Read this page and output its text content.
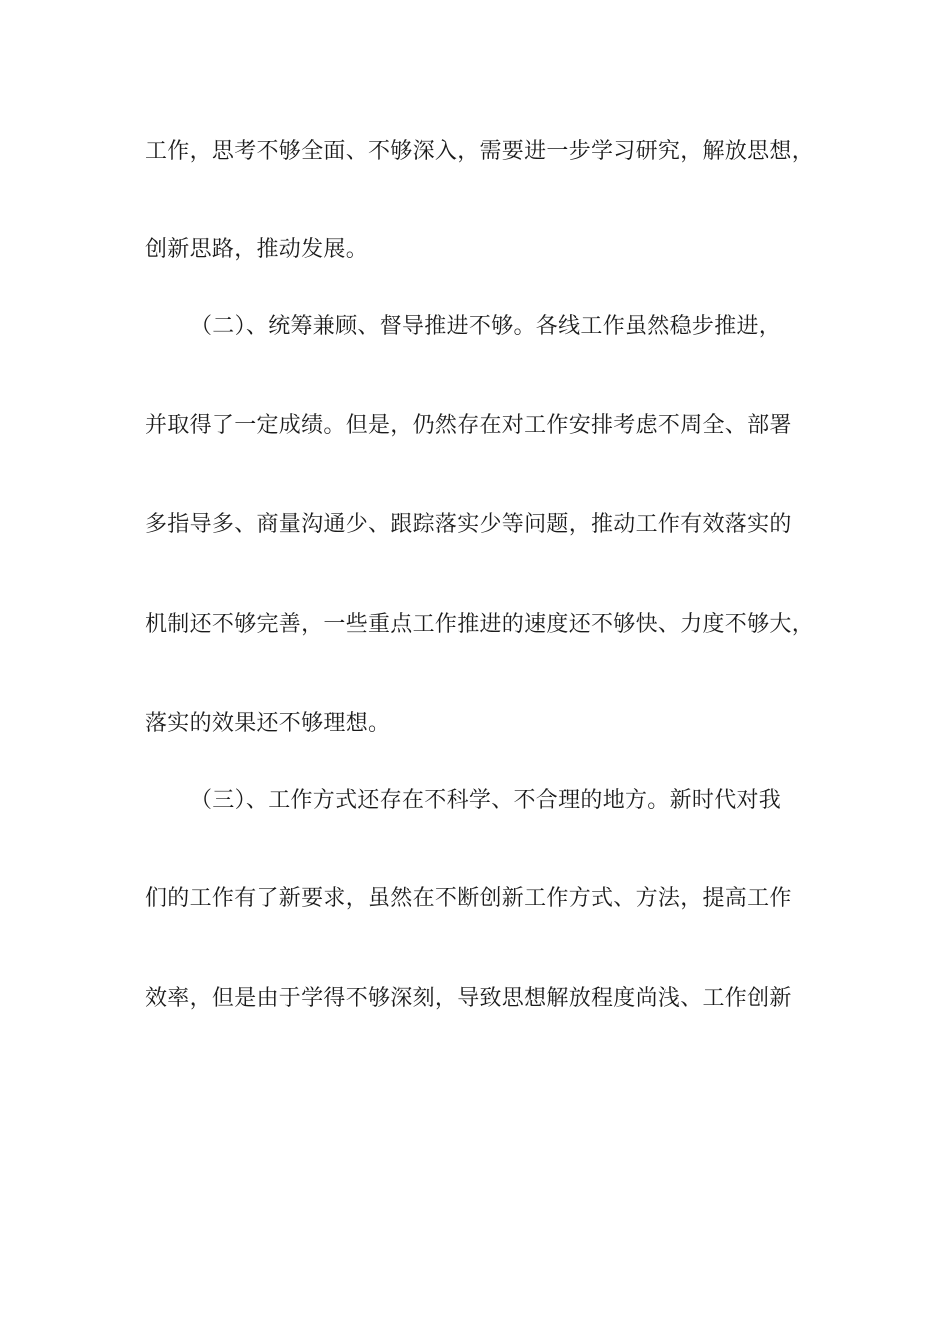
工作，思考不够全面、不够深入，需要进一步学习研究，解放思想，
创新思路，推动发展。
（二）、统筹兼顾、督导推进不够。各线工作虽然稳步推进，
并取得了一定成绩。但是，仍然存在对工作安排考虑不周全、部署
多指导多、商量沟通少、跟踪落实少等问题，推动工作有效落实的
机制还不够完善，一些重点工作推进的速度还不够快、力度不够大，
落实的效果还不够理想。
（三）、工作方式还存在不科学、不合理的地方。新时代对我
们的工作有了新要求，虽然在不断创新工作方式、方法，提高工作
效率，但是由于学得不够深刻，导致思想解放程度尚浅、工作创新
